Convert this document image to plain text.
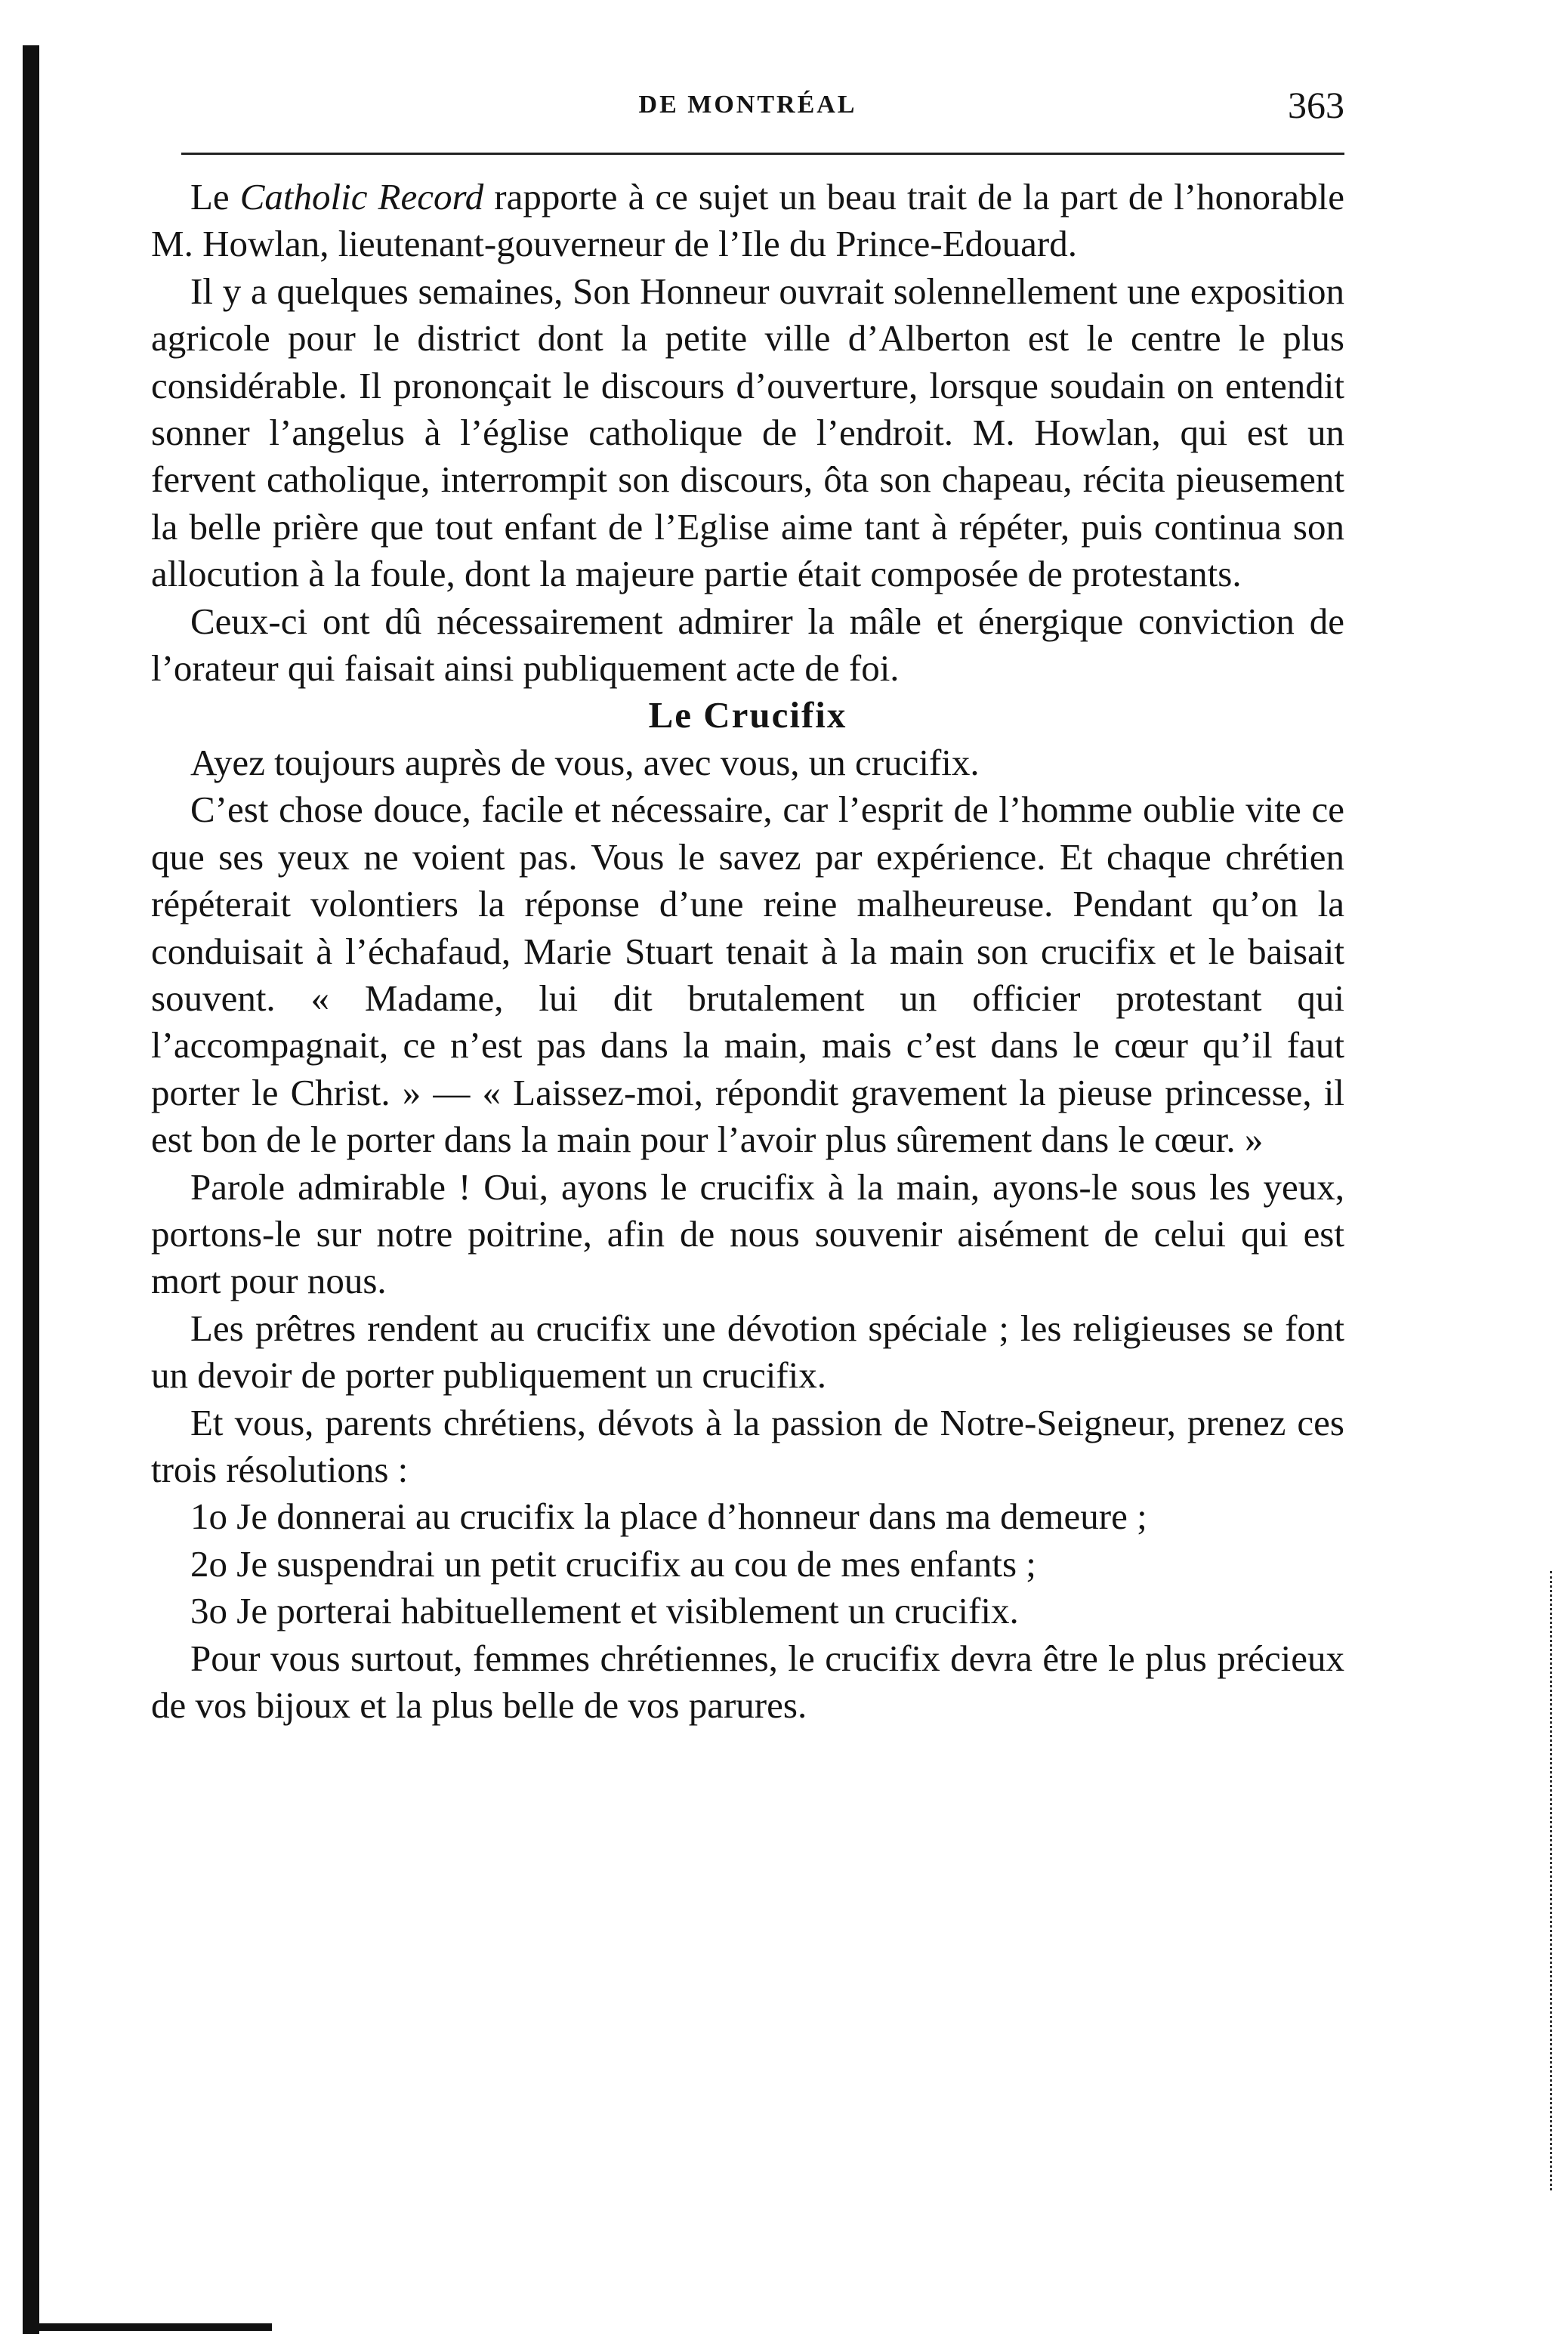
DE MONTRÉAL	363

Le Catholic Record rapporte à ce sujet un beau trait de la part de l’honorable M. Howlan, lieutenant-gouverneur de l’Ile du Prince-Edouard.

Il y a quelques semaines, Son Honneur ouvrait solennellement une exposition agricole pour le district dont la petite ville d’Alberton est le centre le plus considérable. Il prononçait le discours d’ouverture, lorsque soudain on entendit sonner l’angelus à l’église catholique de l’endroit. M. Howlan, qui est un fervent catholique, interrompit son discours, ôta son chapeau, récita pieusement la belle prière que tout enfant de l’Eglise aime tant à répéter, puis continua son allocution à la foule, dont la majeure partie était composée de protestants.

Ceux-ci ont dû nécessairement admirer la mâle et énergique conviction de l’orateur qui faisait ainsi publiquement acte de foi.

Le Crucifix

Ayez toujours auprès de vous, avec vous, un crucifix.

C’est chose douce, facile et nécessaire, car l’esprit de l’homme oublie vite ce que ses yeux ne voient pas. Vous le savez par expérience. Et chaque chrétien répéterait volontiers la réponse d’une reine malheureuse. Pendant qu’on la conduisait à l’échafaud, Marie Stuart tenait à la main son crucifix et le baisait souvent. « Madame, lui dit brutalement un officier protestant qui l’accompagnait, ce n’est pas dans la main, mais c’est dans le cœur qu’il faut porter le Christ. » — « Laissez-moi, répondit gravement la pieuse princesse, il est bon de le porter dans la main pour l’avoir plus sûrement dans le cœur. »

Parole admirable ! Oui, ayons le crucifix à la main, ayons-le sous les yeux, portons-le sur notre poitrine, afin de nous souvenir aisément de celui qui est mort pour nous.

Les prêtres rendent au crucifix une dévotion spéciale ; les religieuses se font un devoir de porter publiquement un crucifix.

Et vous, parents chrétiens, dévots à la passion de Notre-Seigneur, prenez ces trois résolutions :

1o Je donnerai au crucifix la place d’honneur dans ma demeure ;

2o Je suspendrai un petit crucifix au cou de mes enfants ;

3o Je porterai habituellement et visiblement un crucifix.

Pour vous surtout, femmes chrétiennes, le crucifix devra être le plus précieux de vos bijoux et la plus belle de vos parures.
